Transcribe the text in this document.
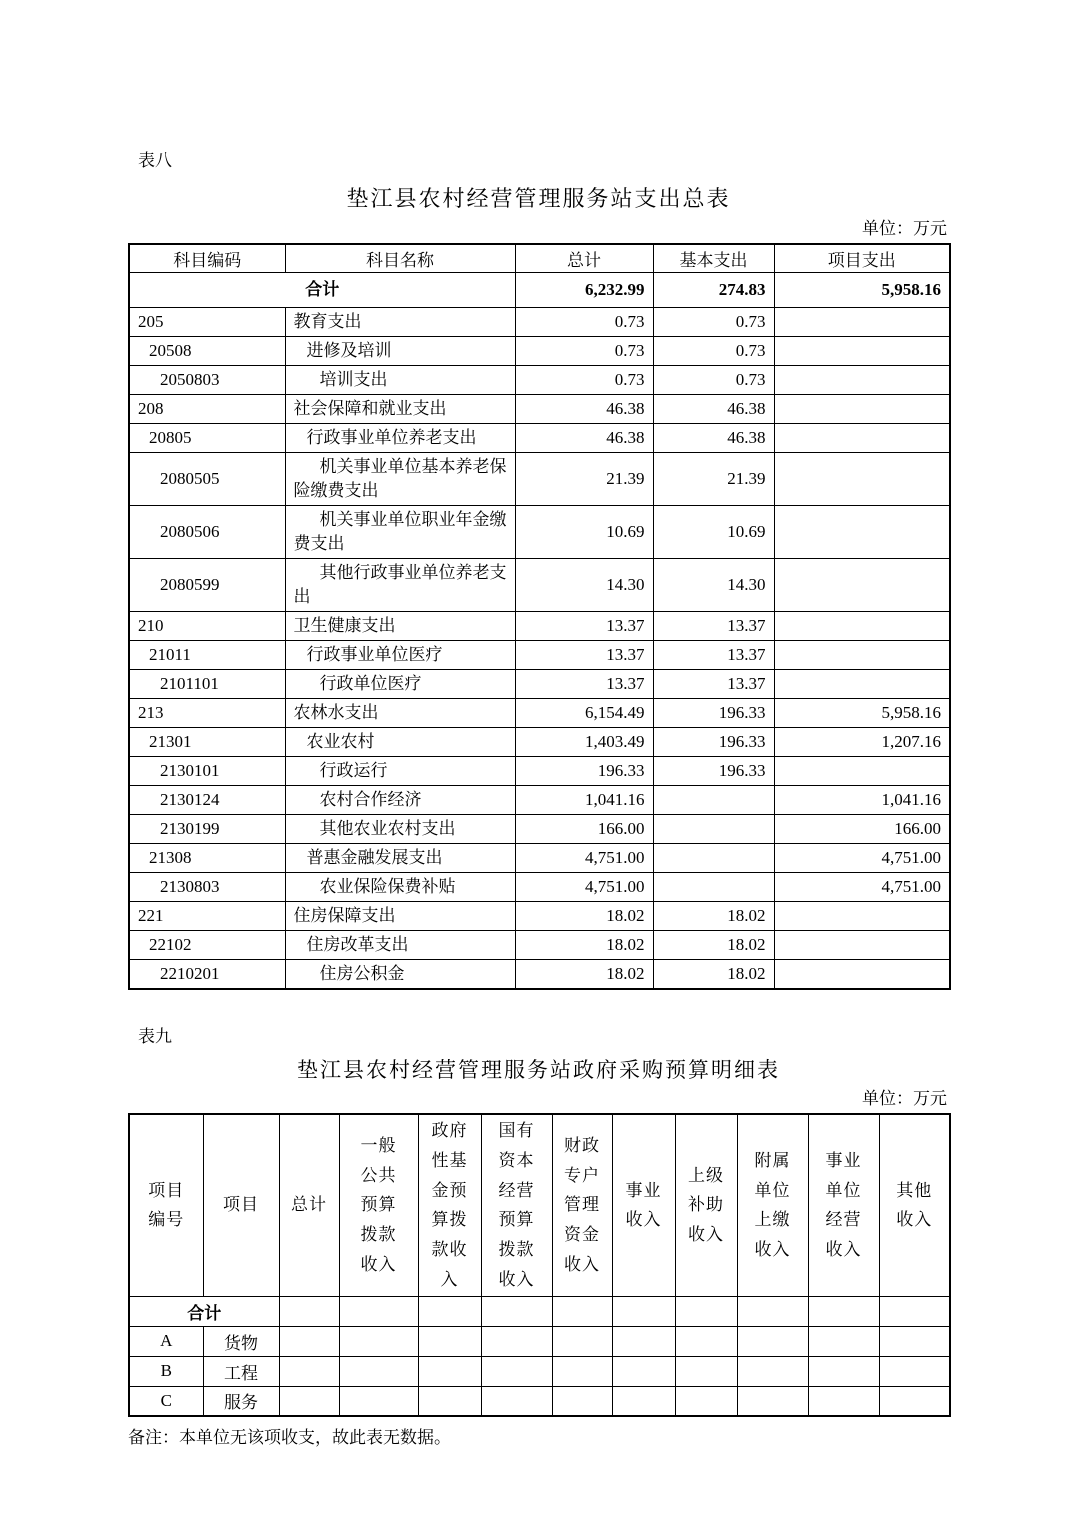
表八
垫江县农村经营管理服务站支出总表
单位：万元
科目编码	科目名称	总计	基本支出	项目支出
合计		6,232.99	274.83	5,958.16
205	教育支出	0.73	0.73	
20508	进修及培训	0.73	0.73	
2050803	培训支出	0.73	0.73	
208	社会保障和就业支出	46.38	46.38	
20805	行政事业单位养老支出	46.38	46.38	
2080505	机关事业单位基本养老保险缴费支出	21.39	21.39	
2080506	机关事业单位职业年金缴费支出	10.69	10.69	
2080599	其他行政事业单位养老支出	14.30	14.30	
210	卫生健康支出	13.37	13.37	
21011	行政事业单位医疗	13.37	13.37	
2101101	行政单位医疗	13.37	13.37	
213	农林水支出	6,154.49	196.33	5,958.16
21301	农业农村	1,403.49	196.33	1,207.16
2130101	行政运行	196.33	196.33	
2130124	农村合作经济	1,041.16		1,041.16
2130199	其他农业农村支出	166.00		166.00
21308	普惠金融发展支出	4,751.00		4,751.00
2130803	农业保险保费补贴	4,751.00		4,751.00
221	住房保障支出	18.02	18.02	
22102	住房改革支出	18.02	18.02	
2210201	住房公积金	18.02	18.02	
表九
垫江县农村经营管理服务站政府采购预算明细表
单位：万元
项目编号	项目	总计	一般公共预算拨款收入	政府性基金预算拨款收入	国有资本经营预算拨款收入	财政专户管理资金收入	事业收入	上级补助收入	附属单位上缴收入	事业单位经营收入	其他收入
合计											
A	货物										
B	工程										
C	服务										
备注：本单位无该项收支，故此表无数据。
